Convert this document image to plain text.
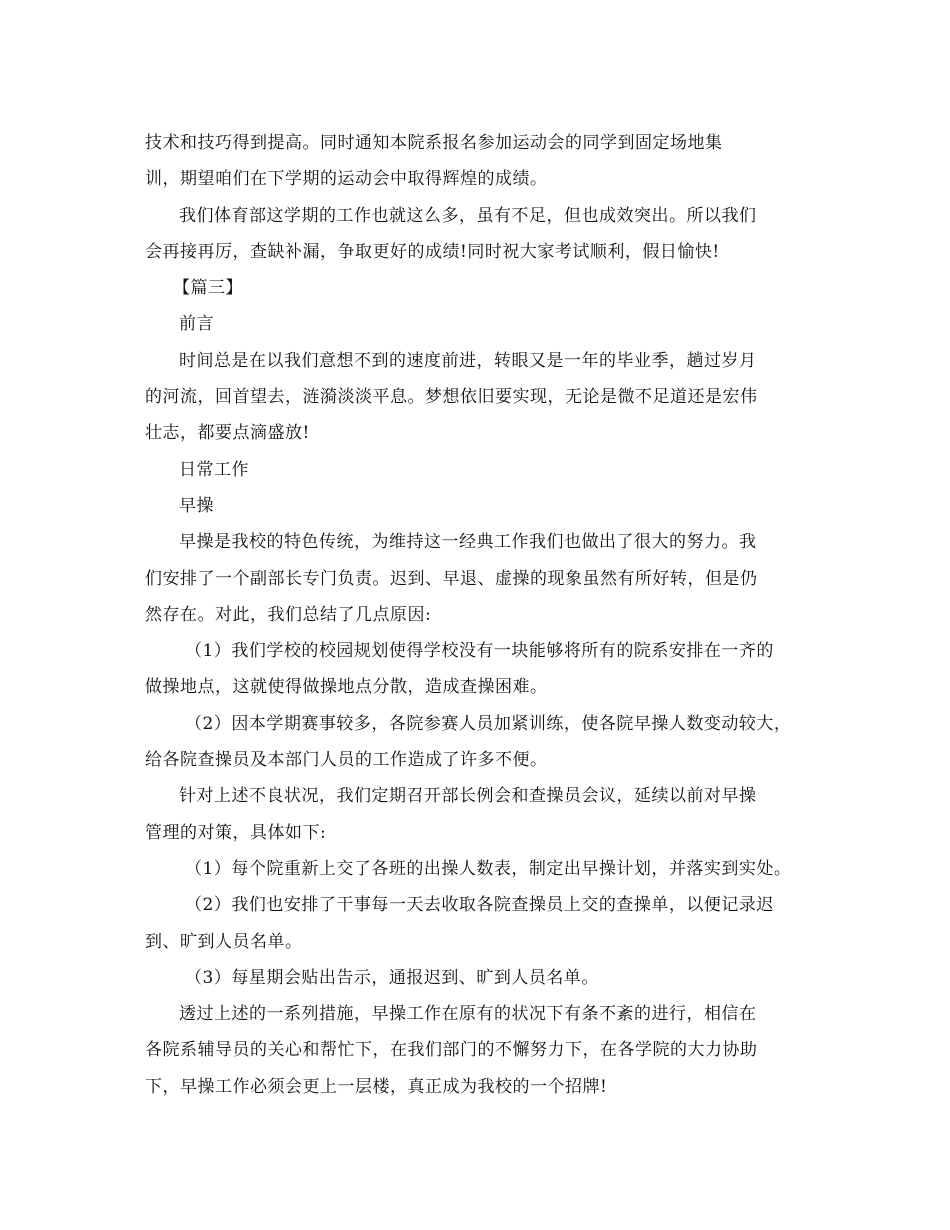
技术和技巧得到提高。同时通知本院系报名参加运动会的同学到固定场地集
训，期望咱们在下学期的运动会中取得辉煌的成绩。
我们体育部这学期的工作也就这么多，虽有不足，但也成效突出。所以我们
会再接再厉，查缺补漏，争取更好的成绩!同时祝大家考试顺利，假日愉快!
【篇三】
前言
时间总是在以我们意想不到的速度前进，转眼又是一年的毕业季，趟过岁月
的河流，回首望去，涟漪淡淡平息。梦想依旧要实现，无论是微不足道还是宏伟
壮志，都要点滴盛放!
日常工作
早操
早操是我校的特色传统，为维持这一经典工作我们也做出了很大的努力。我
们安排了一个副部长专门负责。迟到、早退、虚操的现象虽然有所好转，但是仍
然存在。对此，我们总结了几点原因:
（1）我们学校的校园规划使得学校没有一块能够将所有的院系安排在一齐的
做操地点，这就使得做操地点分散，造成查操困难。
（2）因本学期赛事较多，各院参赛人员加紧训练，使各院早操人数变动较大，
给各院查操员及本部门人员的工作造成了许多不便。
针对上述不良状况，我们定期召开部长例会和查操员会议，延续以前对早操
管理的对策，具体如下:
（1）每个院重新上交了各班的出操人数表，制定出早操计划，并落实到实处。
（2）我们也安排了干事每一天去收取各院查操员上交的查操单，以便记录迟
到、旷到人员名单。
（3）每星期会贴出告示，通报迟到、旷到人员名单。
透过上述的一系列措施，早操工作在原有的状况下有条不紊的进行，相信在
各院系辅导员的关心和帮忙下，在我们部门的不懈努力下，在各学院的大力协助
下，早操工作必须会更上一层楼，真正成为我校的一个招牌!
